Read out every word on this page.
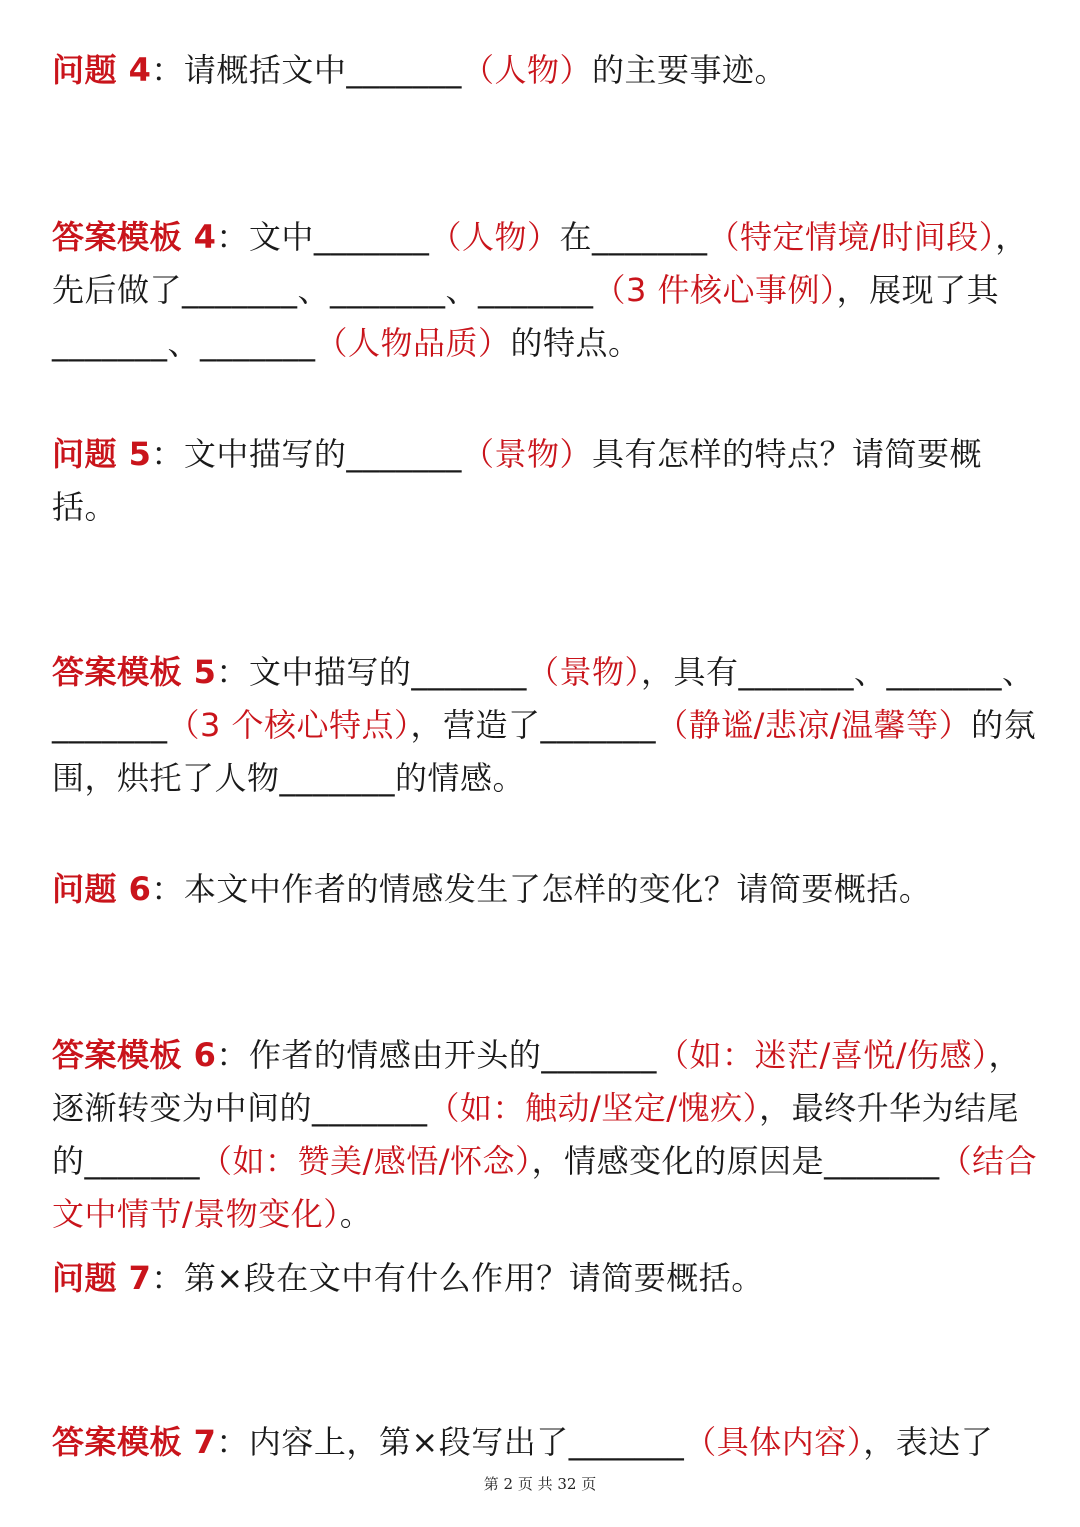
问题 4：请概括文中_______（人物）的主要事迹。
答案模板 4：文中_______（人物）在_______（特定情境/时间段），先后做了_______、_______、_______（3 件核心事例），展现了其_______、_______（人物品质）的特点。
问题 5：文中描写的_______（景物）具有怎样的特点？请简要概括。
答案模板 5：文中描写的_______（景物），具有_______、_______、_______（3 个核心特点），营造了_______（静谧/悲凉/温馨等）的氛围，烘托了人物_______的情感。
问题 6：本文中作者的情感发生了怎样的变化？请简要概括。
答案模板 6：作者的情感由开头的_______（如：迷茫/喜悦/伤感），逐渐转变为中间的_______（如：触动/坚定/愧疚），最终升华为结尾的_______（如：赞美/感悟/怀念），情感变化的原因是_______（结合文中情节/景物变化）。
问题 7：第×段在文中有什么作用？请简要概括。
答案模板 7：内容上，第×段写出了_______（具体内容），表达了
第 2 页 共 32 页
